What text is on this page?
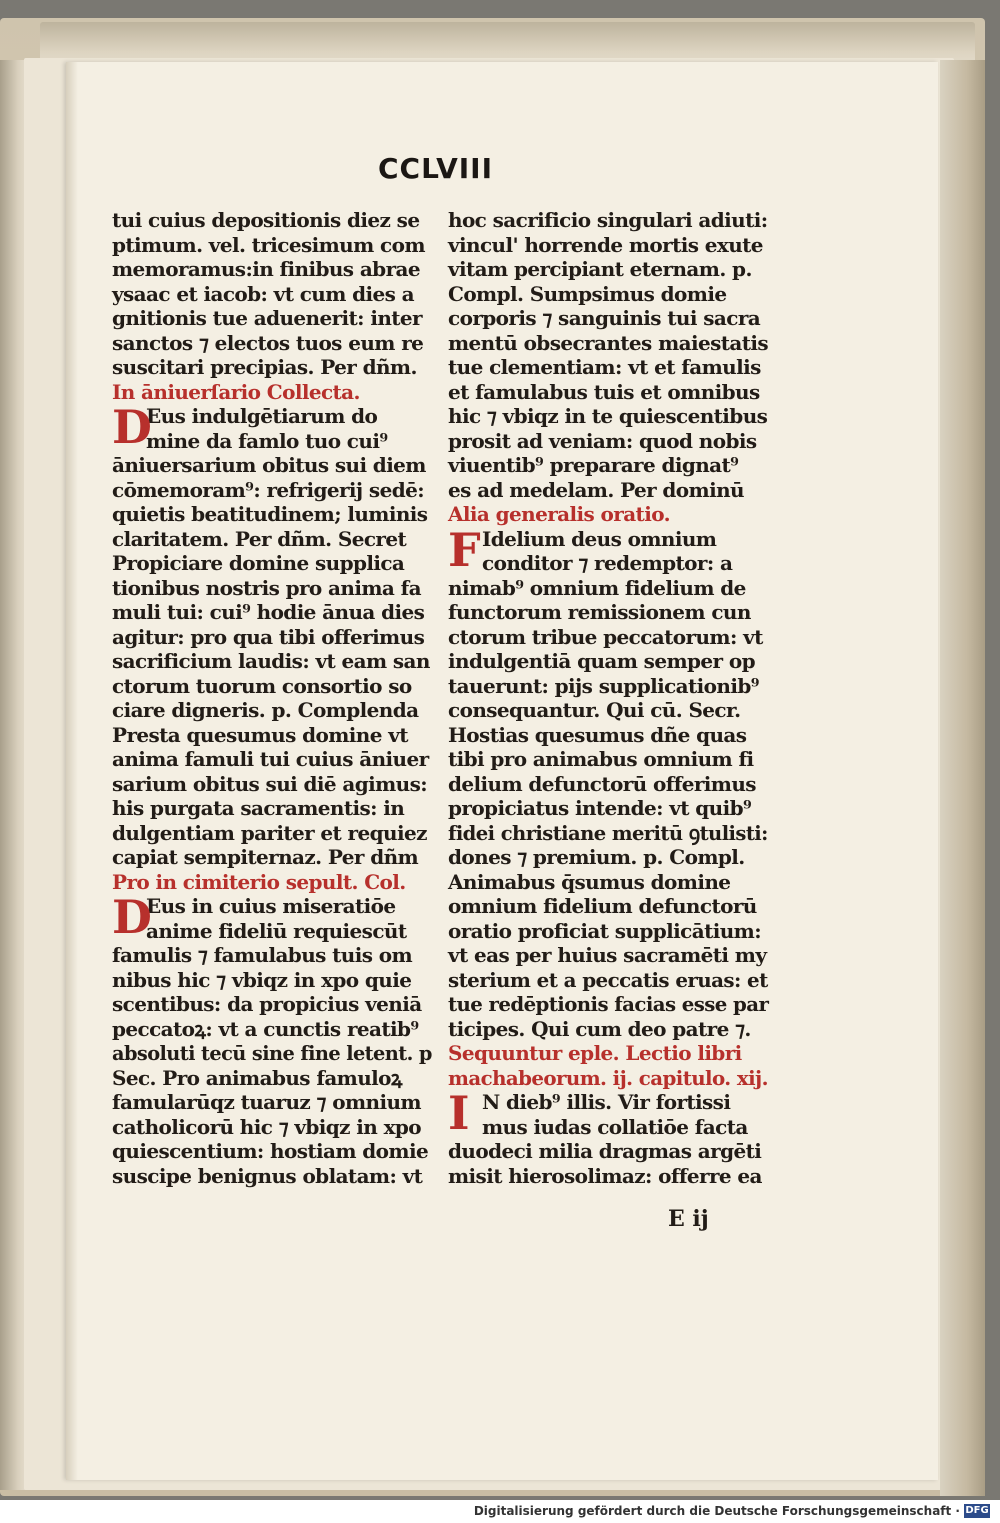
CCLVIII
tui cuius depositionis diez se
ptimum. vel. tricesimum com
memoramus:in finibus abrae
ysaac et iacob: vt cum dies a
gnitionis tue aduenerit: inter
sanctos ⁊ electos tuos eum re
suscitari precipias. Per dñm.
In āniuerſario Collecta.
D
Eus indulgētiarum do
mine da famlo tuo cui⁹
āniuersarium obitus sui diem
cōmemoram⁹: refrigerij sedē:
quietis beatitudinem; luminis
claritatem. Per dñm. Secret
Propiciare domine supplica
tionibus nostris pro anima fa
muli tui: cui⁹ hodie ānua dies
agitur: pro qua tibi offerimus
sacrificium laudis: vt eam san
ctorum tuorum consortio so
ciare digneris. p. Complenda
Presta quesumus domine vt
anima famuli tui cuius āniuer
sarium obitus sui diē agimus:
his purgata sacramentis: in
dulgentiam pariter et requiez
capiat sempiternaz. Per dñm
Pro in cimiterio sepult. Col.
D
Eus in cuius miseratiōe
anime fideliū requiescūt
famulis ⁊ famulabus tuis om
nibus hic ⁊ vbiqz in xpo quie
scentibus: da propicius veniā
peccatoꝝ: vt a cunctis reatib⁹
absoluti tecū sine fine letent. p
Sec. Pro animabus famuloꝝ
famularūqz tuaruz ⁊ omnium
catholicorū hic ⁊ vbiqz in xpo
quiescentium: hostiam domie
suscipe benignus oblatam: vt
hoc sacrificio singulari adiuti:
vincul' horrende mortis exute
vitam percipiant eternam. p.
Compl. Sumpsimus domie
corporis ⁊ sanguinis tui sacra
mentū obsecrantes maiestatis
tue clementiam: vt et famulis
et famulabus tuis et omnibus
hic ⁊ vbiqz in te quiescentibus
prosit ad veniam: quod nobis
viuentib⁹ preparare dignat⁹
es ad medelam. Per dominū
Alia generalis oratio.
F Idelium deus omnium
conditor ⁊ redemptor: a
nimab⁹ omnium fidelium de
functorum remissionem cun
ctorum tribue peccatorum: vt
indulgentiā quam semper op
tauerunt: pijs supplicationib⁹
consequantur. Qui cū. Secr.
Hostias quesumus dñe quas
tibi pro animabus omnium fi
delium defunctorū offerimus
propiciatus intende: vt quib⁹
fidei christiane meritū ꝯtulisti:
dones ⁊ premium. p. Compl.
Animabus q̄sumus domine
omnium fidelium defunctorū
oratio proficiat supplicātium:
vt eas per huius sacramēti my
sterium et a peccatis eruas: et
tue redēptionis facias esse par
ticipes. Qui cum deo patre ⁊.
Sequuntur eple. Lectio libri
machabeorum. ij. capitulo. xij.
I N dieb⁹ illis. Vir fortissi
mus iudas collatiōe facta
duodeci milia dragmas argēti
misit hierosolimaz: offerre ea
E ij
Digitalisierung gefördert durch die Deutsche Forschungsgemeinschaft · DFG
